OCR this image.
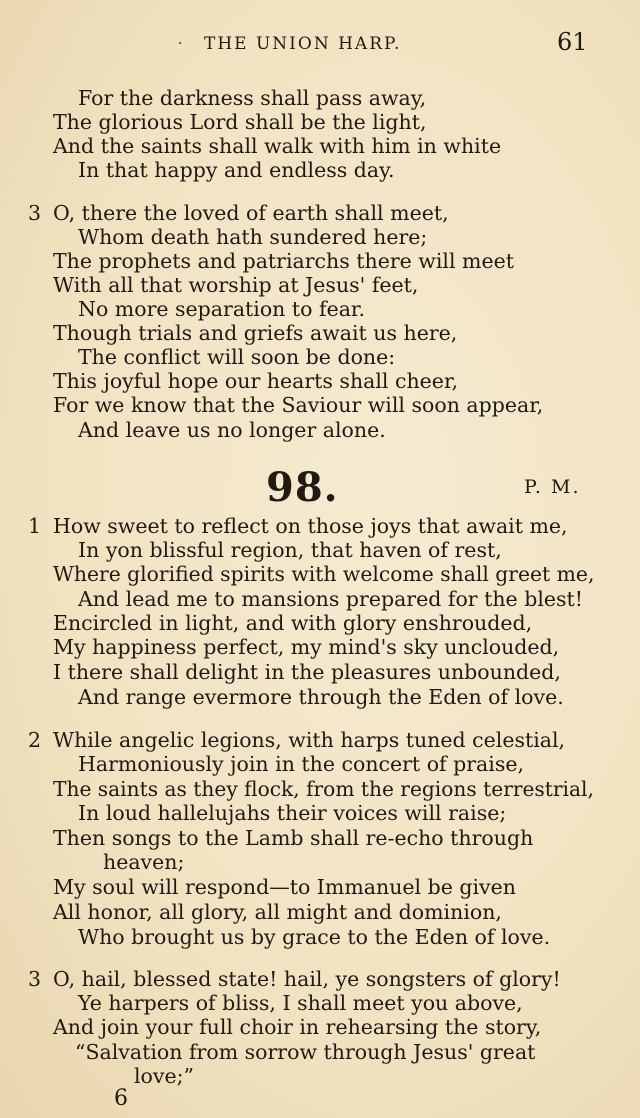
· THE UNION HARP.	61
For the darkness shall pass away,
The glorious Lord shall be the light,
And the saints shall walk with him in white
In that happy and endless day.
3 O, there the loved of earth shall meet,
Whom death hath sundered here;
The prophets and patriarchs there will meet
With all that worship at Jesus' feet,
No more separation to fear.
Though trials and griefs await us here,
The conflict will soon be done:
This joyful hope our hearts shall cheer,
For we know that the Saviour will soon appear,
And leave us no longer alone.
98.	P. M.
1 How sweet to reflect on those joys that await me,
In yon blissful region, that haven of rest,
Where glorified spirits with welcome shall greet me,
And lead me to mansions prepared for the blest!
Encircled in light, and with glory enshrouded,
My happiness perfect, my mind's sky unclouded,
I there shall delight in the pleasures unbounded,
And range evermore through the Eden of love.
2 While angelic legions, with harps tuned celestial,
Harmoniously join in the concert of praise,
The saints as they flock, from the regions terrestrial,
In loud hallelujahs their voices will raise;
Then songs to the Lamb shall re-echo through
heaven;
My soul will respond—to Immanuel be given
All honor, all glory, all might and dominion,
Who brought us by grace to the Eden of love.
3 O, hail, blessed state! hail, ye songsters of glory!
Ye harpers of bliss, I shall meet you above,
And join your full choir in rehearsing the story,
“Salvation from sorrow through Jesus' great
love;”
6
